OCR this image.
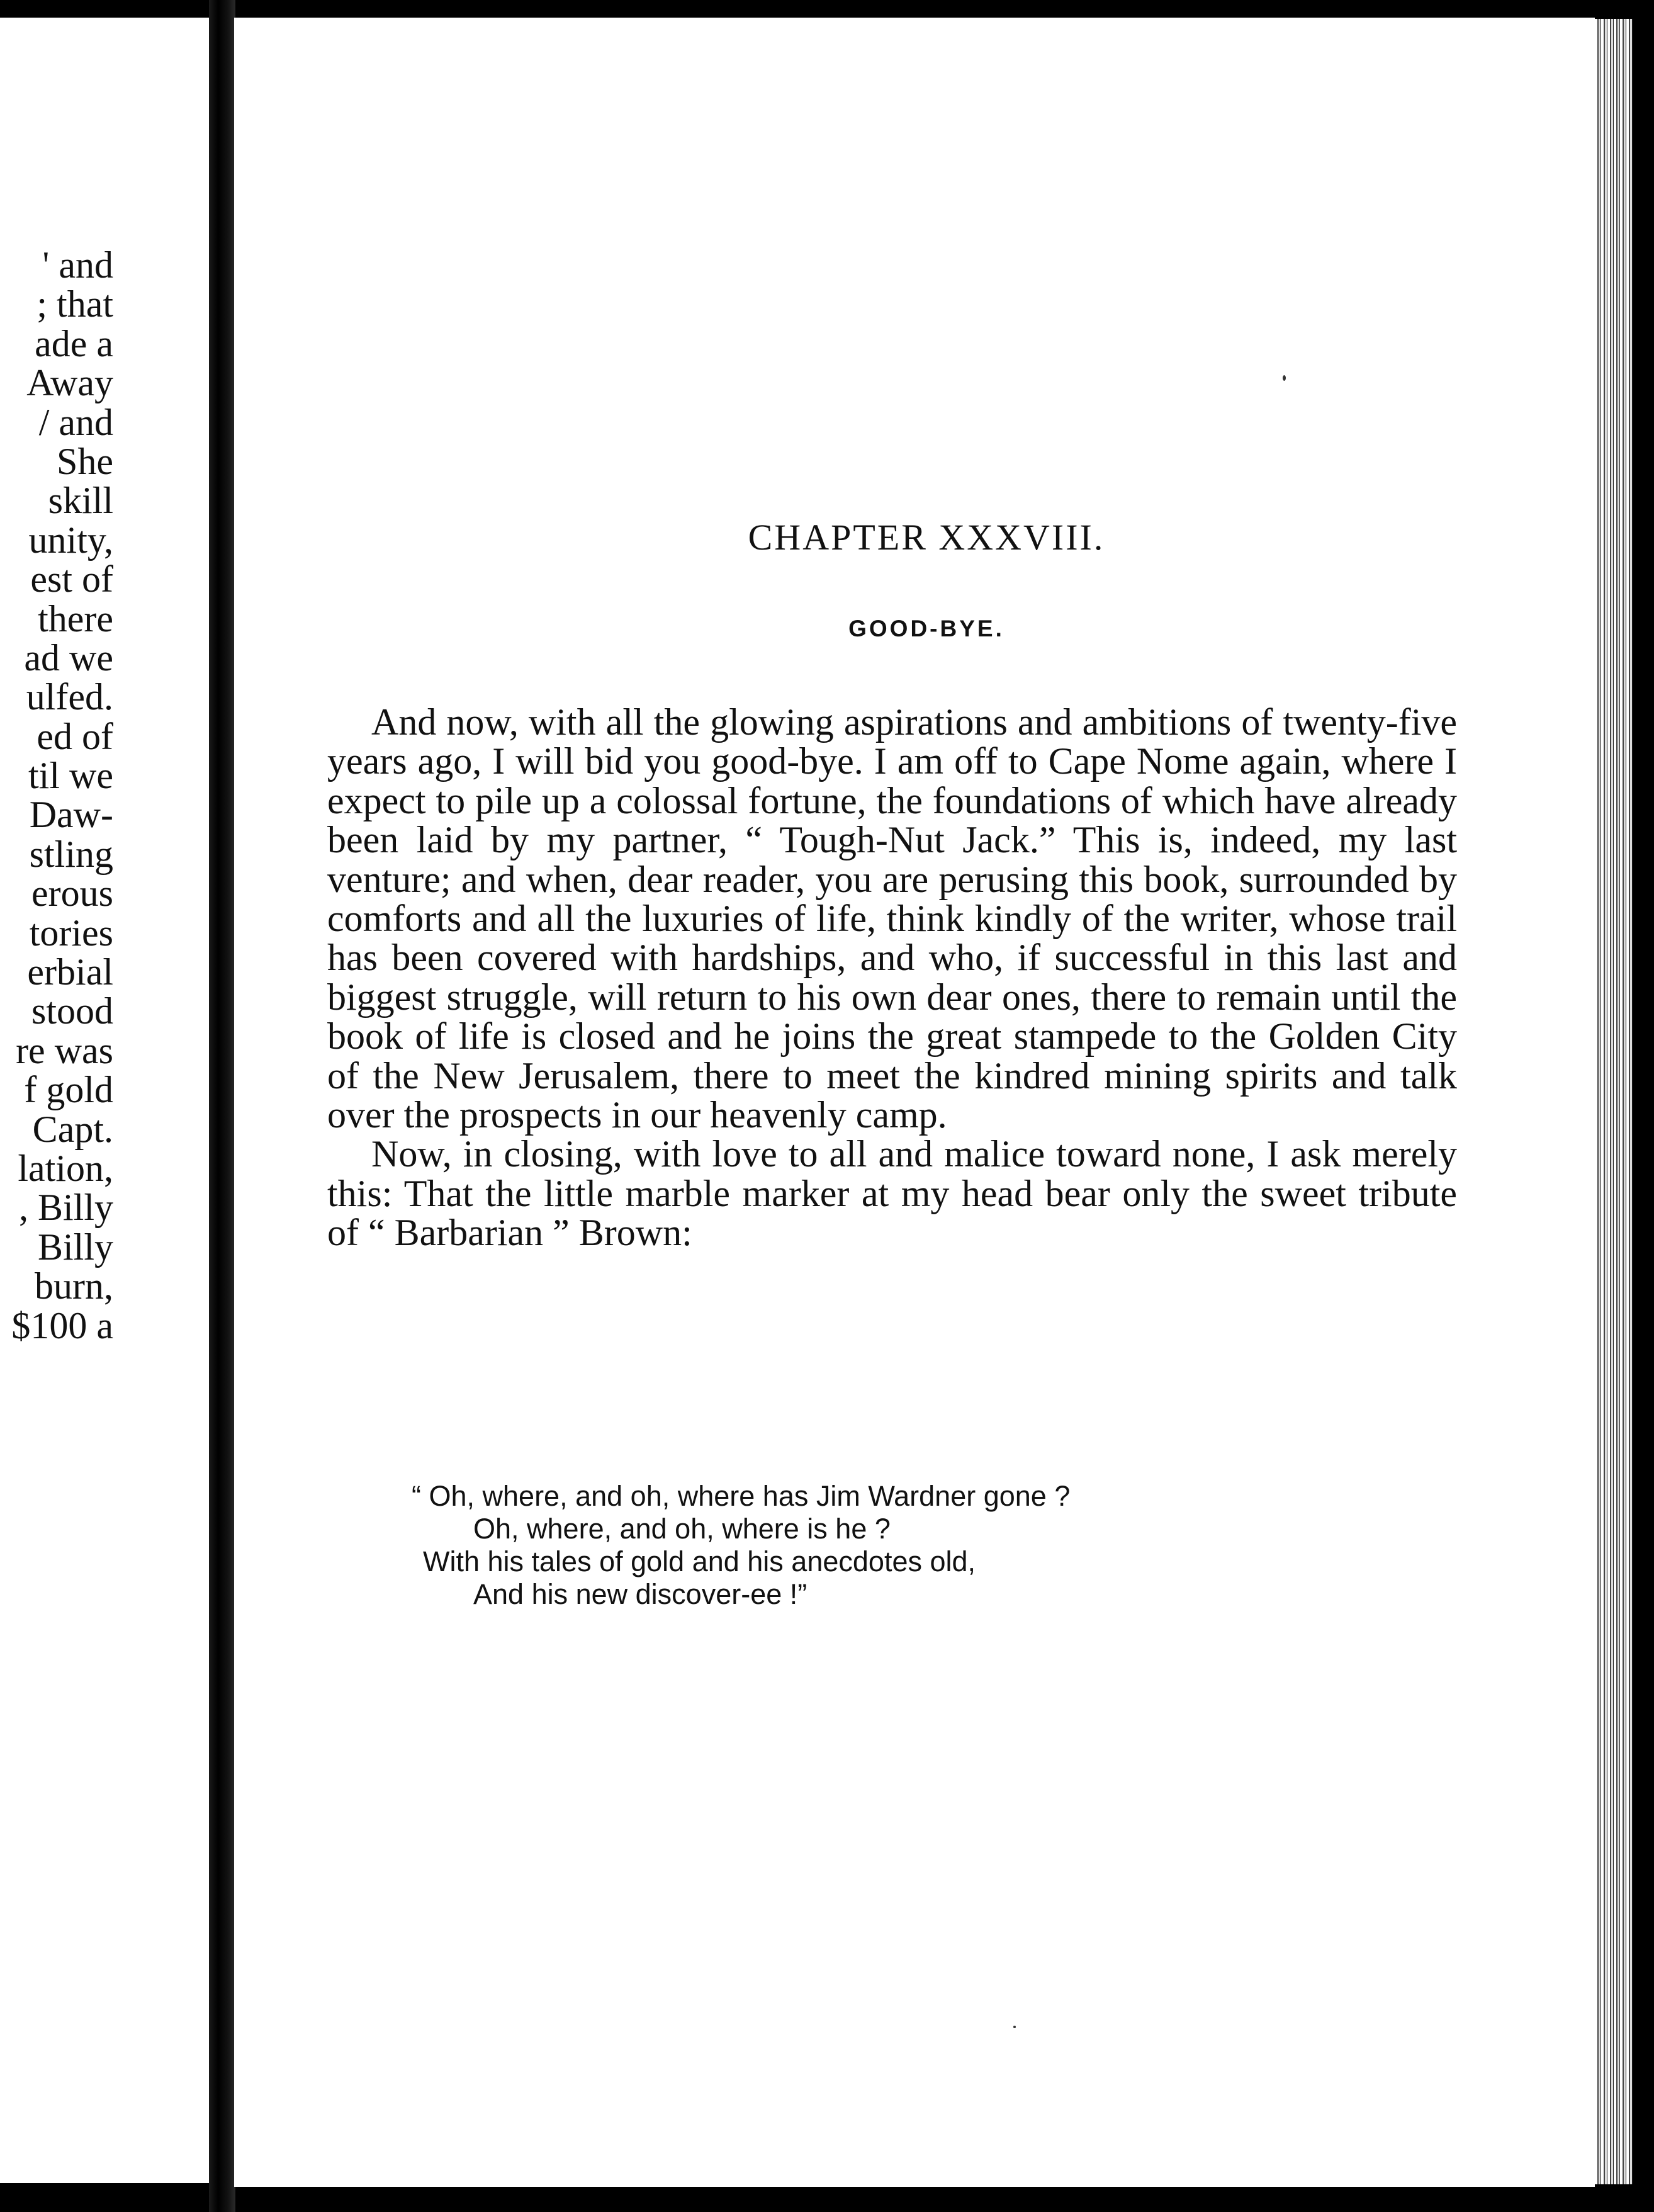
' and
; that
ade a
Away
/ and
She
skill
unity,
est of
there
ad we
ulfed.
ed of
til we
Daw-
stling
erous
tories
erbial
stood
re was
f gold
Capt.
lation,
, Billy
Billy
burn,
$100 a
CHAPTER XXXVIII.
GOOD-BYE.

And now, with all the glowing aspirations and ambitions of twenty-five years ago, I will bid you good-bye. I am off to Cape Nome again, where I expect to pile up a colossal fortune, the foundations of which have already been laid by my partner, “ Tough-Nut Jack.” This is, indeed, my last venture; and when, dear reader, you are perusing this book, surrounded by comforts and all the luxuries of life, think kindly of the writer, whose trail has been covered with hardships, and who, if successful in this last and biggest struggle, will return to his own dear ones, there to remain until the book of life is closed and he joins the great stampede to the Golden City of the New Jerusalem, there to meet the kindred mining spirits and talk over the prospects in our heavenly camp.

Now, in closing, with love to all and malice toward none, I ask merely this: That the little marble marker at my head bear only the sweet tribute of “ Barbarian ” Brown:

“ Oh, where, and oh, where has Jim Wardner gone ?
Oh, where, and oh, where is he ?
With his tales of gold and his anecdotes old,
And his new discover-ee !”
